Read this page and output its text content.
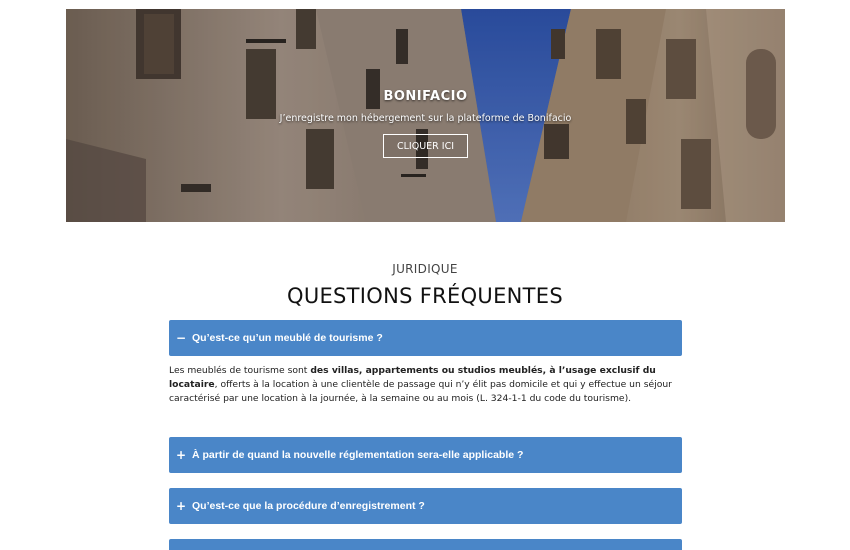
BONIFACIO
J’enregistre mon hébergement sur la plateforme de Bonifacio
CLIQUER ICI
JURIDIQUE
QUESTIONS FRÉQUENTES
− Qu’est-ce qu’un meublé de tourisme ?
Les meublés de tourisme sont des villas, appartements ou studios meublés, à l’usage exclusif du locataire, offerts à la location à une clientèle de passage qui n’y élit pas domicile et qui y effectue un séjour caractérisé par une location à la journée, à la semaine ou au mois (L. 324-1-1 du code du tourisme).
+ À partir de quand la nouvelle réglementation sera-elle applicable ?
+ Qu’est-ce que la procédure d’enregistrement ?
